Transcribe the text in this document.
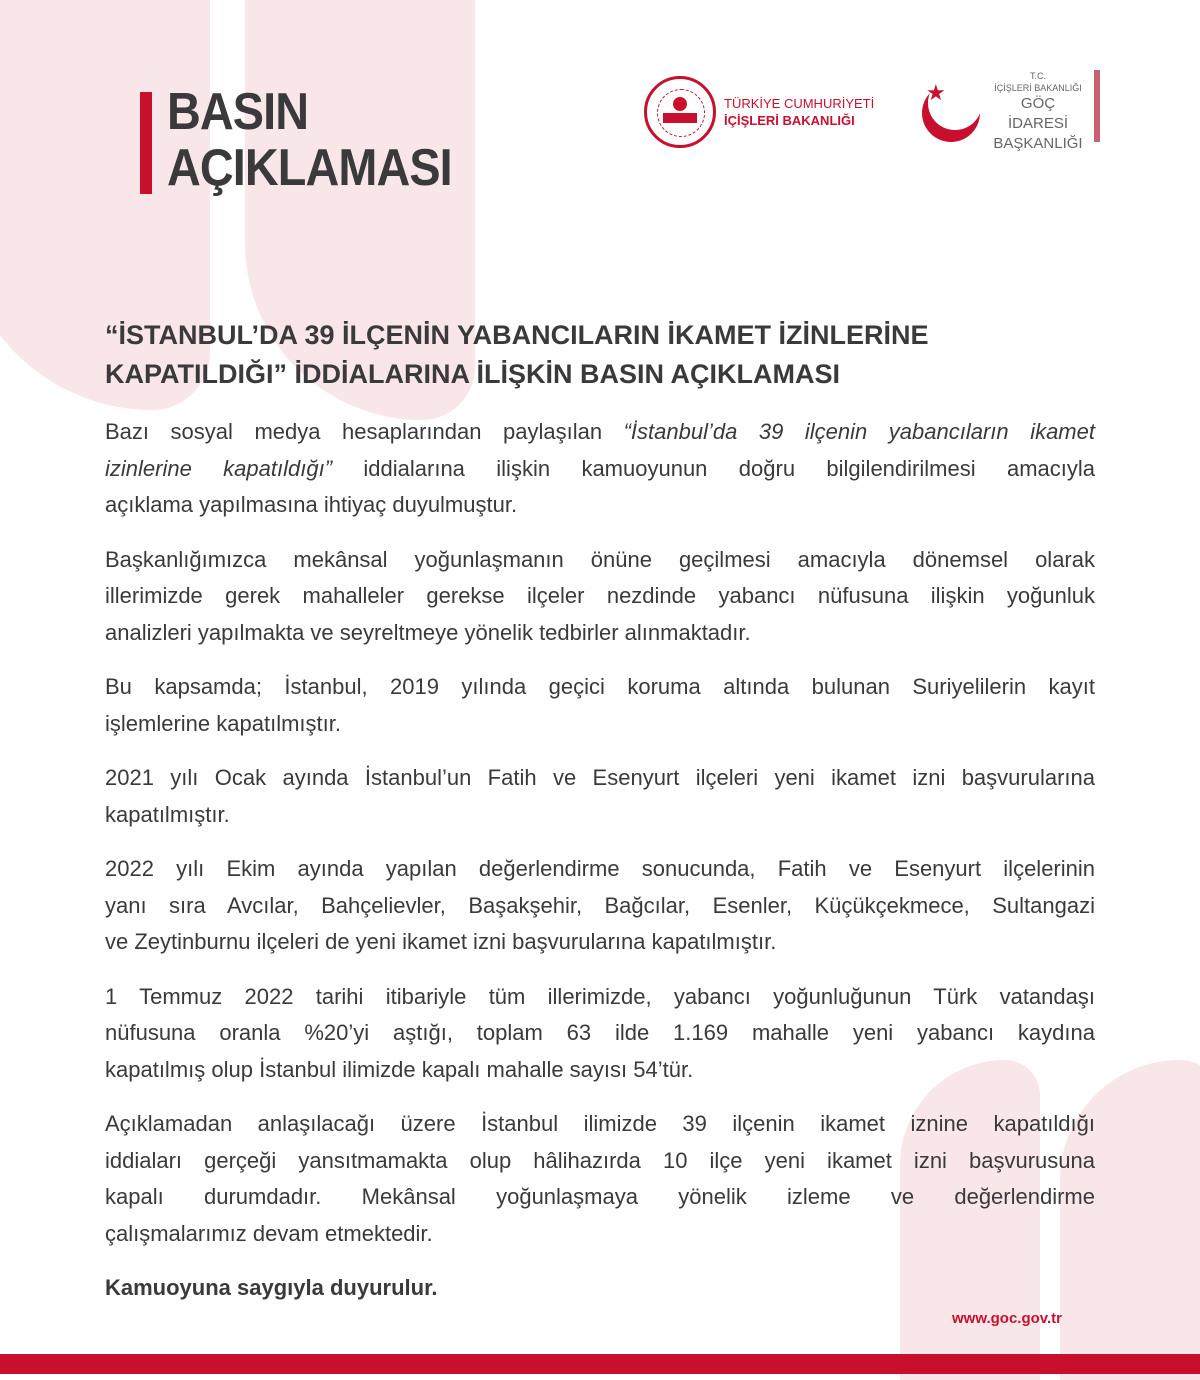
BASIN
AÇIKLAMASI
TÜRKİYE CUMHURİYETİ
İÇİŞLERİ BAKANLIĞI
★
T.C.
İÇİŞLERİ BAKANLIĞI
GÖÇ İDARESİ
BAŞKANLIĞI
“İSTANBUL’DA 39 İLÇENİN YABANCILARIN İKAMET İZİNLERİNE
KAPATILDIĞI” İDDİALARINA İLİŞKİN BASIN AÇIKLAMASI
Bazı sosyal medya hesaplarından paylaşılan “İstanbul’da 39 ilçenin yabancıların ikamet
izinlerine kapatıldığı” iddialarına ilişkin kamuoyunun doğru bilgilendirilmesi amacıyla
açıklama yapılmasına ihtiyaç duyulmuştur.
Başkanlığımızca mekânsal yoğunlaşmanın önüne geçilmesi amacıyla dönemsel olarak
illerimizde gerek mahalleler gerekse ilçeler nezdinde yabancı nüfusuna ilişkin yoğunluk
analizleri yapılmakta ve seyreltmeye yönelik tedbirler alınmaktadır.
Bu kapsamda; İstanbul, 2019 yılında geçici koruma altında bulunan Suriyelilerin kayıt
işlemlerine kapatılmıştır.
2021 yılı Ocak ayında İstanbul’un Fatih ve Esenyurt ilçeleri yeni ikamet izni başvurularına
kapatılmıştır.
2022 yılı Ekim ayında yapılan değerlendirme sonucunda, Fatih ve Esenyurt ilçelerinin
yanı sıra Avcılar, Bahçelievler, Başakşehir, Bağcılar, Esenler, Küçükçekmece, Sultangazi
ve Zeytinburnu ilçeleri de yeni ikamet izni başvurularına kapatılmıştır.
1 Temmuz 2022 tarihi itibariyle tüm illerimizde, yabancı yoğunluğunun Türk vatandaşı
nüfusuna oranla %20’yi aştığı, toplam 63 ilde 1.169 mahalle yeni yabancı kaydına
kapatılmış olup İstanbul ilimizde kapalı mahalle sayısı 54’tür.
Açıklamadan anlaşılacağı üzere İstanbul ilimizde 39 ilçenin ikamet iznine kapatıldığı
iddiaları gerçeği yansıtmamakta olup hâlihazırda 10 ilçe yeni ikamet izni başvurusuna
kapalı durumdadır. Mekânsal yoğunlaşmaya yönelik izleme ve değerlendirme
çalışmalarımız devam etmektedir.
Kamuoyuna saygıyla duyurulur.
www.goc.gov.tr
